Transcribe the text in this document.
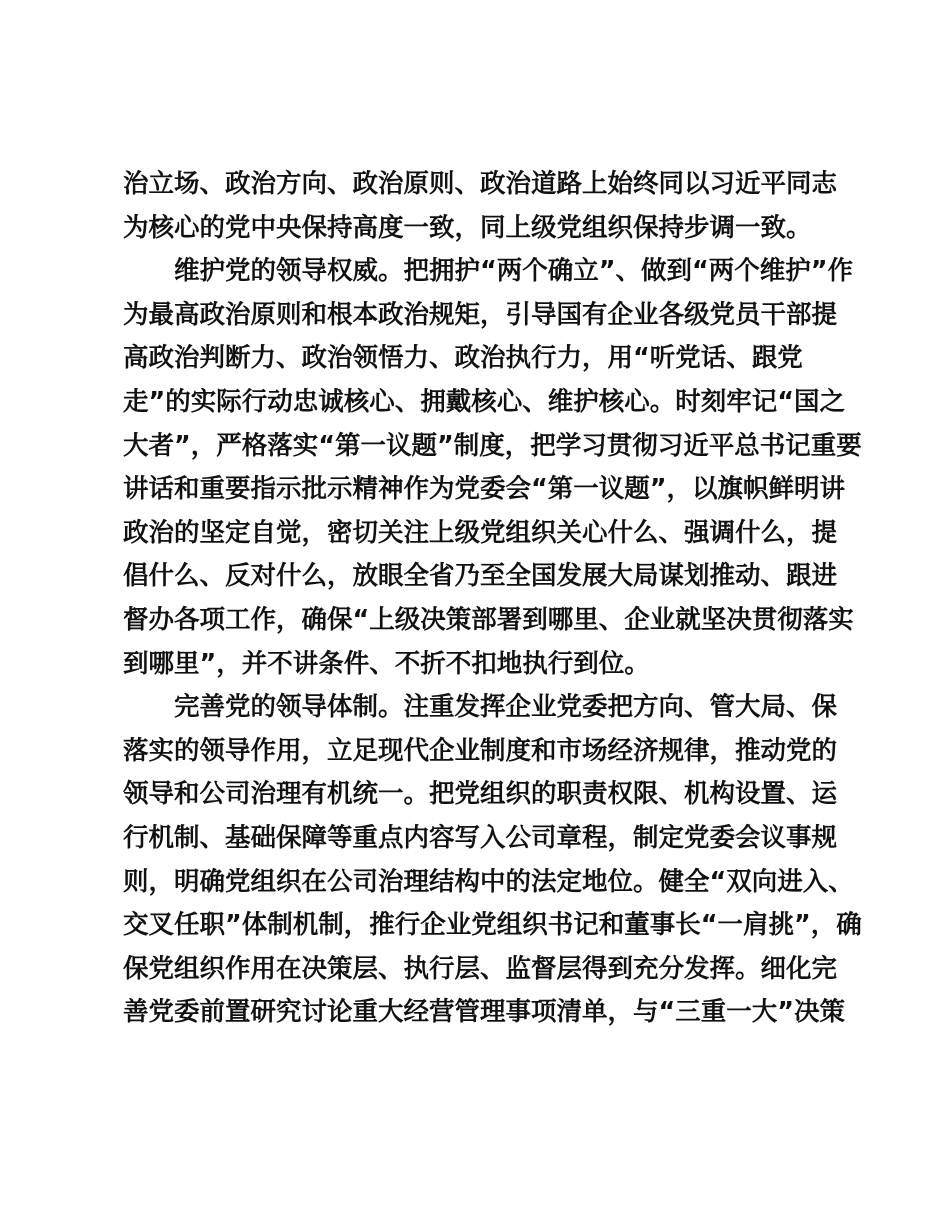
治立场、政治方向、政治原则、政治道路上始终同以习近平同志
为核心的党中央保持高度一致，同上级党组织保持步调一致。
维护党的领导权威。把拥护“两个确立”、做到“两个维护”作
为最高政治原则和根本政治规矩，引导国有企业各级党员干部提
高政治判断力、政治领悟力、政治执行力，用“听党话、跟党
走”的实际行动忠诚核心、拥戴核心、维护核心。时刻牢记“国之
大者”，严格落实“第一议题”制度，把学习贯彻习近平总书记重要
讲话和重要指示批示精神作为党委会“第一议题”，以旗帜鲜明讲
政治的坚定自觉，密切关注上级党组织关心什么、强调什么，提
倡什么、反对什么，放眼全省乃至全国发展大局谋划推动、跟进
督办各项工作，确保“上级决策部署到哪里、企业就坚决贯彻落实
到哪里”，并不讲条件、不折不扣地执行到位。
完善党的领导体制。注重发挥企业党委把方向、管大局、保
落实的领导作用，立足现代企业制度和市场经济规律，推动党的
领导和公司治理有机统一。把党组织的职责权限、机构设置、运
行机制、基础保障等重点内容写入公司章程，制定党委会议事规
则，明确党组织在公司治理结构中的法定地位。健全“双向进入、
交叉任职”体制机制，推行企业党组织书记和董事长“一肩挑”，确
保党组织作用在决策层、执行层、监督层得到充分发挥。细化完
善党委前置研究讨论重大经营管理事项清单，与“三重一大”决策
